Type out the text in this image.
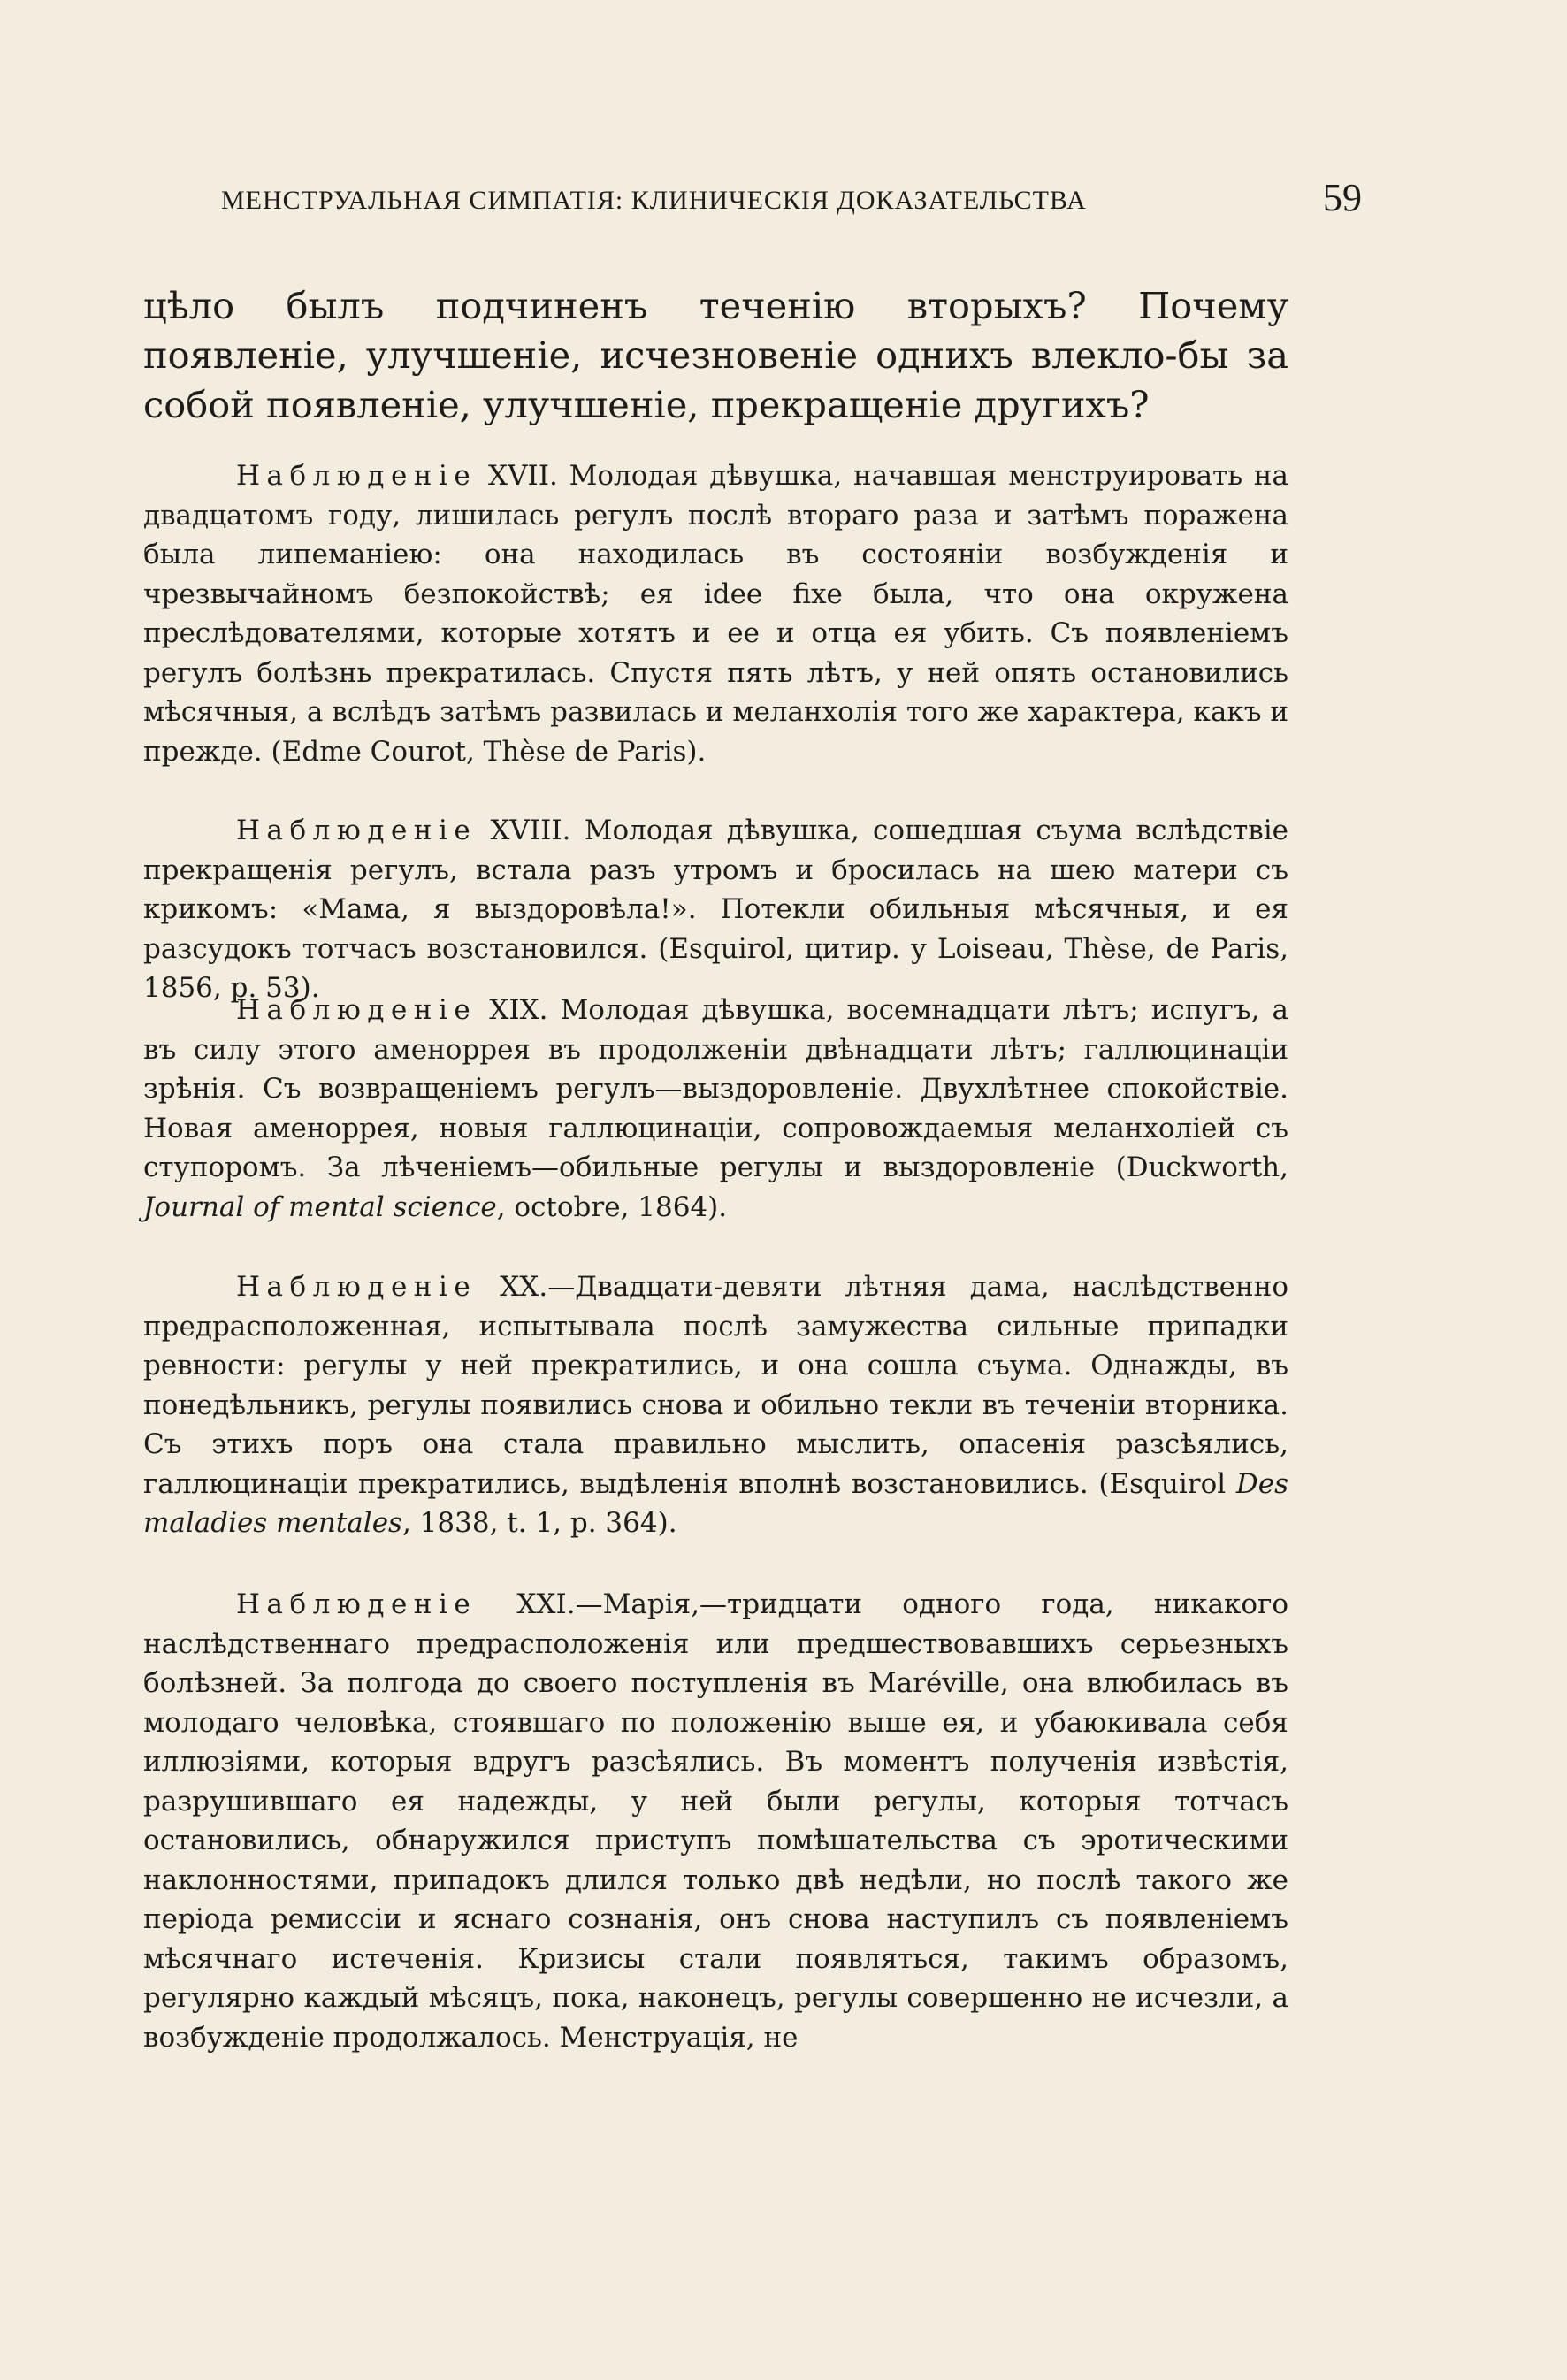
МЕНСТРУАЛЬНАЯ СИМПАТІЯ: КЛИНИЧЕСКІЯ ДОКАЗАТЕЛЬСТВА	59

цѣло былъ подчиненъ теченію вторыхъ? Почему появленіе, улучшеніе, исчезновеніе однихъ влекло-бы за собой появленіе, улучшеніе, прекращеніе другихъ?

Наблюденіе XVII. Молодая дѣвушка, начавшая менструировать на двадцатомъ году, лишилась регулъ послѣ втораго раза и затѣмъ поражена была липеманіею: она находилась въ состояніи возбужденія и чрезвычайномъ безпокойствѣ; ея idee fixe была, что она окружена преслѣдователями, которые хотятъ и ее и отца ея убить. Съ появленіемъ регулъ болѣзнь прекратилась. Спустя пять лѣтъ, у ней опять остановились мѣсячныя, а вслѣдъ затѣмъ развилась и меланхолія того же характера, какъ и прежде. (Edme Courot, Thèse de Paris).

Наблюденіе XVIII. Молодая дѣвушка, сошедшая съума вслѣдствіе прекращенія регулъ, встала разъ утромъ и бросилась на шею матери съ крикомъ: «Мама, я выздоровѣла!». Потекли обильныя мѣсячныя, и ея разсудокъ тотчасъ возстановился. (Esquirol, цитир. у Loiseau, Thèse, de Paris, 1856, p. 53).

Наблюденіе XIX. Молодая дѣвушка, восемнадцати лѣтъ; испугъ, а въ силу этого аменоррея въ продолженіи двѣнадцати лѣтъ; галлюцинаціи зрѣнія. Съ возвращеніемъ регулъ—выздоровленіе. Двухлѣтнее спокойствіе. Новая аменоррея, новыя галлюцинаціи, сопровождаемыя меланхоліей съ ступоромъ. За лѣченіемъ—обильные регулы и выздоровленіе (Duckworth, Journal of mental science, octobre, 1864).

Наблюденіе XX.—Двадцати-девяти лѣтняя дама, наслѣдственно предрасположенная, испытывала послѣ замужества сильные припадки ревности: регулы у ней прекратились, и она сошла съума. Однажды, въ понедѣльникъ, регулы появились снова и обильно текли въ теченіи вторника. Съ этихъ поръ она стала правильно мыслить, опасенія разсѣялись, галлюцинаціи прекратились, выдѣленія вполнѣ возстановились. (Esquirol Des maladies mentales, 1838, t. 1, p. 364).

Наблюденіе XXI.—Марія,—тридцати одного года, никакого наслѣдственнаго предрасположенія или предшествовавшихъ серьезныхъ болѣзней. За полгода до своего поступленія въ Maréville, она влюбилась въ молодаго человѣка, стоявшаго по положенію выше ея, и убаюкивала себя иллюзіями, которыя вдругъ разсѣялись. Въ моментъ полученія извѣстія, разрушившаго ея надежды, у ней были регулы, которыя тотчасъ остановились, обнаружился приступъ помѣшательства съ эротическими наклонностями, припадокъ длился только двѣ недѣли, но послѣ такого же періода ремиссіи и яснаго сознанія, онъ снова наступилъ съ появленіемъ мѣсячнаго истеченія. Кризисы стали появляться, такимъ образомъ, регулярно каждый мѣсяцъ, пока, наконецъ, регулы совершенно не исчезли, а возбужденіе продолжалось. Менструація, не
